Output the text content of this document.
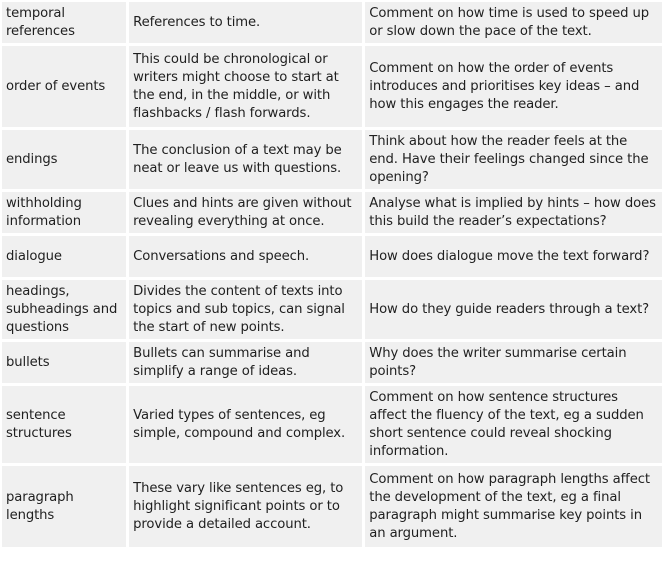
temporal references	References to time.	Comment on how time is used to speed up or slow down the pace of the text.
order of events	This could be chronological or writers might choose to start at the end, in the middle, or with flashbacks / flash forwards.	Comment on how the order of events introduces and prioritises key ideas – and how this engages the reader.
endings	The conclusion of a text may be neat or leave us with questions.	Think about how the reader feels at the end. Have their feelings changed since the opening?
withholding information	Clues and hints are given without revealing everything at once.	Analyse what is implied by hints – how does this build the reader’s expectations?
dialogue	Conversations and speech.	How does dialogue move the text forward?
headings, subheadings and questions	Divides the content of texts into topics and sub topics, can signal the start of new points.	How do they guide readers through a text?
bullets	Bullets can summarise and simplify a range of ideas.	Why does the writer summarise certain points?
sentence structures	Varied types of sentences, eg simple, compound and complex.	Comment on how sentence structures affect the fluency of the text, eg a sudden short sentence could reveal shocking information.
paragraph lengths	These vary like sentences eg, to highlight significant points or to provide a detailed account.	Comment on how paragraph lengths affect the development of the text, eg a final paragraph might summarise key points in an argument.
